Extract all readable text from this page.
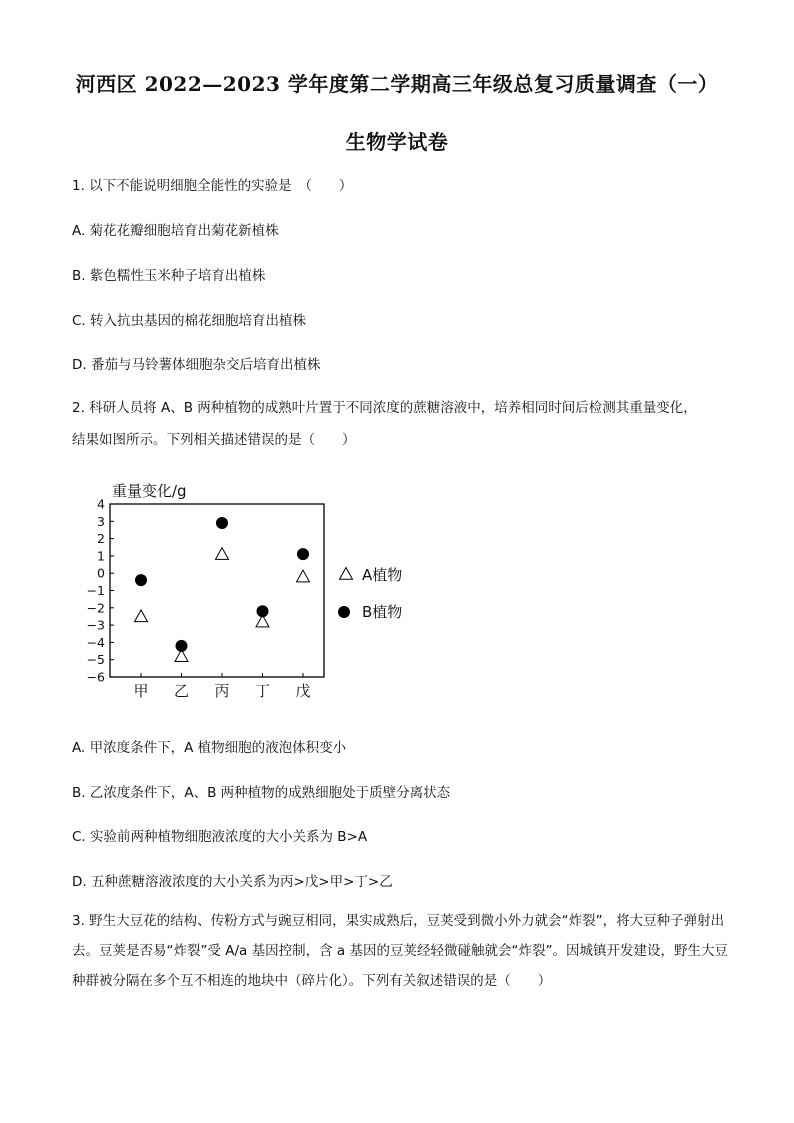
河西区 2022—2023 学年度第二学期高三年级总复习质量调查（一）
生物学试卷
1. 以下不能说明细胞全能性的实验是　（　　）
A. 菊花花瓣细胞培育出菊花新植株
B. 紫色糯性玉米种子培育出植株
C. 转入抗虫基因的棉花细胞培育出植株
D. 番茄与马铃薯体细胞杂交后培育出植株
2. 科研人员将 A、B 两种植物的成熟叶片置于不同浓度的蔗糖溶液中，培养相同时间后检测其重量变化，
结果如图所示。下列相关描述错误的是（　　）
重量变化/g
4
3
2
1
0
−1
−2
−3
−4
−5
−6
甲 乙 丙 丁 戊
A植物
B植物
A. 甲浓度条件下，A 植物细胞的液泡体积变小
B. 乙浓度条件下，A、B 两种植物的成熟细胞处于质壁分离状态
C. 实验前两种植物细胞液浓度的大小关系为 B>A
D. 五种蔗糖溶液浓度的大小关系为丙>戊>甲>丁>乙
3. 野生大豆花的结构、传粉方式与豌豆相同，果实成熟后，豆荚受到微小外力就会“炸裂”，将大豆种子弹射出去。豆荚是否易“炸裂”受 A/a 基因控制，含 a 基因的豆荚经轻微碰触就会“炸裂”。因城镇开发建设，野生大豆种群被分隔在多个互不相连的地块中（碎片化）。下列有关叙述错误的是（　　）
